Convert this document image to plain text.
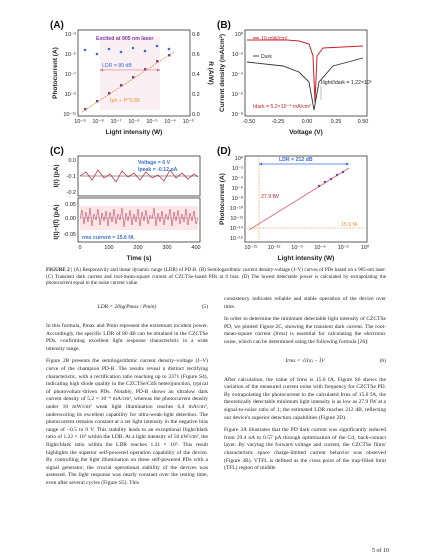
(A)
LDR = 80 dB
Excited at 905 nm laser
Iph ∝ P^0.99
10⁻⁹ 10⁻⁸ 10⁻⁷ 10⁻⁶ 10⁻⁵ 10⁻⁴ 10⁻³
10⁻³
10⁻⁵
10⁻⁷
10⁻⁹
10⁻¹¹
0.8
0.6
0.4
0.2
0.0
Light intensity (W)
Photocurrent (A)	R (A/W)
(B)
10 mW/cm²
Dark
Ilight/Idark = 1.22×10⁵
Idark = 5.2×10⁻⁹ mA/cm²
-0.50	-0.25	0.00	0.25	0.50
10⁰
10⁻²
10⁻⁴
10⁻⁶
10⁻⁸
Voltage (V)
Current density (mA/cm²)
(C)
Voltage = 0 V
Ipeak = -0.12 pA
rms current = 15.6 fA
0	100	200	300	400
0.0
-0.1
-0.2
0.05
0.00
-0.05
Time (s)
I(t) (pA)
I(t)−I(t̄) (pA)
(D)
LDR = 212 dB
27.9 fW
15.6 fA
10⁻¹⁵ 10⁻¹² 10⁻⁹ 10⁻⁶ 10⁻³ 10⁰
10⁰
10⁻²
10⁻⁴
10⁻⁶
10⁻⁸
10⁻¹⁰
10⁻¹²
10⁻¹⁴
10⁻¹⁶
Light intensity (W)
Photocurrent (A)
FIGURE 2 | (A) Responsivity and linear dynamic range (LDR) of PD-B. (B) Semilogarithmic current density-voltage (J–V) curves of PDs based on a 905-nm laser. (C) Transient dark current and root-mean-square current of CZCTSe-based PDs at 0 bias. (D) The lowest detectable power is calculated by extrapolating the photocurrent equal to the noise current value.
LDR = 20lg(Pmax / Pmin)	(5)

In this formula, Pmax and Pmin represent the extremum incident power. Accordingly, the specific LDR of 80 dB can be obtained in the CZCTSe PDs, confirming excellent light response characteristic in a wide intensity range.

Figure 2B presents the semilogarithmic current density–voltage (J–V) curve of the champion PD-B. The results reveal a distinct rectifying characteristic, with a rectification ratio reaching up to 3371 (Figure S4), indicating high diode quality in the CZCTSe/CdS heterojunction, typical of photovoltaic-driven PDs. Notably, PD-B shows an ultralow dark current density of 5.2 × 10⁻⁹ mA/cm², whereas the photocurrent density under 10 mW/cm² weak light illumination reaches 6.4 mA/cm², underscoring its excellent capability for ultra-weak-light detection. The photocurrent remains constant at a set light intensity in the negative bias range of −0.5 to 0 V. This stability leads to an exceptional Ilight/Idark ratio of 1.22 × 10⁵ within the LDR. At a light intensity of 50 nW/cm², the Ilight/Idark ratio within the LDR reaches 1.31 × 10⁵. This result highlights the superior self-powered operation capability of the device. By controlling the light illumination on these self-powered PDs with a signal generator, the crucial operational stability of the devices was assessed. The light response was nearly constant over the testing time, even after several cycles (Figure S5). This

consistency indicates reliable and stable operation of the device over time.

In order to determine the minimum detectable light intensity of CZCTSe PD, we plotted Figure 2C, showing the transient dark current. The root-mean-square current (Irms) is essential for calculating the electronic noise, which can be determined using the following formula [26]:

Irms = √(I₍t₎ − Ī)²	(6)

After calculation, the value of Irms is 15.6 fA. Figure S6 shows the variation of the measured current noise with frequency for CZCTSe PD. By extrapolating the photocurrent to the calculated Irms of 15.6 fA, the theoretically detectable minimum light intensity is as low as 27.9 fW at a signal-to-noise ratio of 1; the estimated LDR reaches 212 dB, reflecting our device's superior detection capabilities (Figure 2D).

Figure 3A illustrates that the PD dark current was significantly reduced from 29.4 nA to 0.57 pA through optimization of the Cd₁ back-contact layer. By varying the forward voltage and current, the CZCTSe films' characteristic space charge-limited current behavior was observed (Figure 3B). VTFL is defined as the cross point of the trap-filled limit (TFL) region of middle

5 of 10
